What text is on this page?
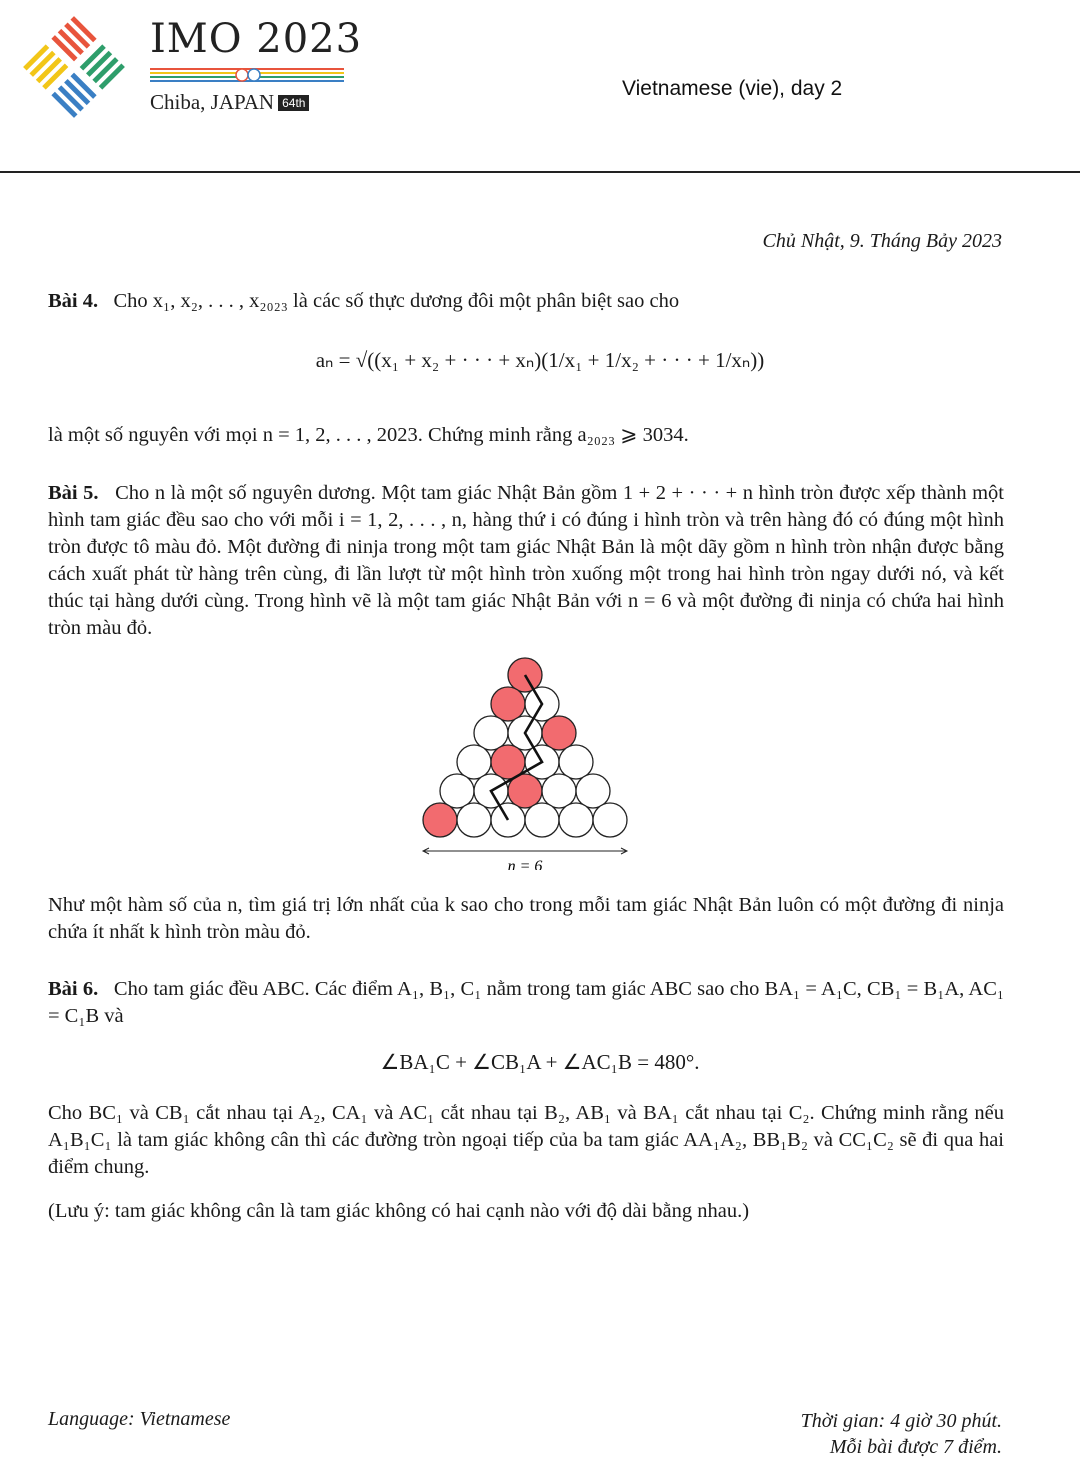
IMO 2023
Chiba, JAPAN 64th
Vietnamese (vie), day 2
Chủ Nhật, 9. Tháng Bảy 2023
Bài 4. Cho x₁, x₂, . . . , x₂₀₂₃ là các số thực dương đôi một phân biệt sao cho
aₙ = √((x₁ + x₂ + · · · + xₙ)(1/x₁ + 1/x₂ + · · · + 1/xₙ))
là một số nguyên với mọi n = 1, 2, . . . , 2023. Chứng minh rằng a₂₀₂₃ ⩾ 3034.
Bài 5. Cho n là một số nguyên dương. Một tam giác Nhật Bản gồm 1 + 2 + · · · + n hình tròn được xếp thành một hình tam giác đều sao cho với mỗi i = 1, 2, . . . , n, hàng thứ i có đúng i hình tròn và trên hàng đó có đúng một hình tròn được tô màu đỏ. Một đường đi ninja trong một tam giác Nhật Bản là một dãy gồm n hình tròn nhận được bằng cách xuất phát từ hàng trên cùng, đi lần lượt từ một hình tròn xuống một trong hai hình tròn ngay dưới nó, và kết thúc tại hàng dưới cùng. Trong hình vẽ là một tam giác Nhật Bản với n = 6 và một đường đi ninja có chứa hai hình tròn màu đỏ.
n = 6
Như một hàm số của n, tìm giá trị lớn nhất của k sao cho trong mỗi tam giác Nhật Bản luôn có một đường đi ninja chứa ít nhất k hình tròn màu đỏ.
Bài 6. Cho tam giác đều ABC. Các điểm A₁, B₁, C₁ nằm trong tam giác ABC sao cho BA₁ = A₁C, CB₁ = B₁A, AC₁ = C₁B và
∠BA₁C + ∠CB₁A + ∠AC₁B = 480°.
Cho BC₁ và CB₁ cắt nhau tại A₂, CA₁ và AC₁ cắt nhau tại B₂, AB₁ và BA₁ cắt nhau tại C₂. Chứng minh rằng nếu A₁B₁C₁ là tam giác không cân thì các đường tròn ngoại tiếp của ba tam giác AA₁A₂, BB₁B₂ và CC₁C₂ sẽ đi qua hai điểm chung.
(Lưu ý: tam giác không cân là tam giác không có hai cạnh nào với độ dài bằng nhau.)
Language: Vietnamese	Thời gian: 4 giờ 30 phút.
Mỗi bài được 7 điểm.
